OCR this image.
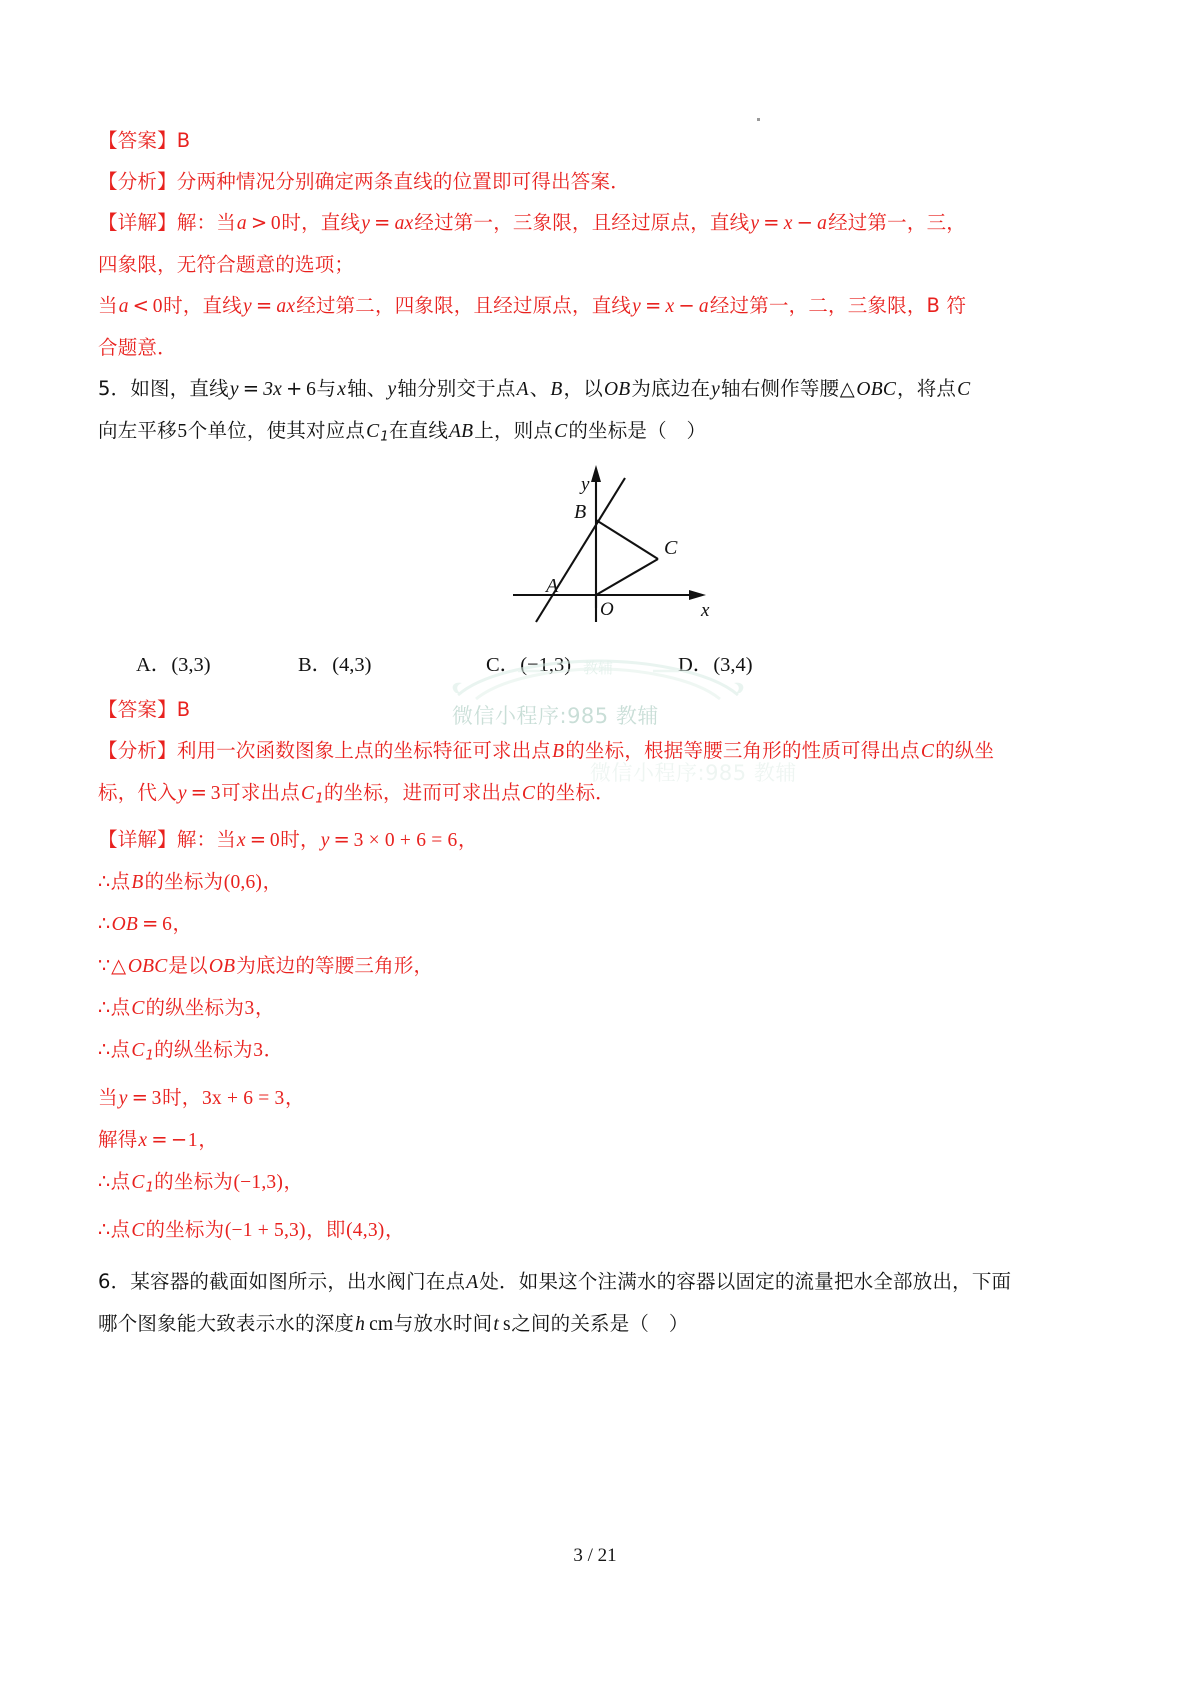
【答案】B
【分析】分两种情况分别确定两条直线的位置即可得出答案．
【详解】解：当a > 0时，直线y = ax经过第一，三象限，且经过原点，直线y = x − a经过第一，三，
四象限，无符合题意的选项；
当a < 0时，直线y = ax经过第二，四象限，且经过原点，直线y = x − a经过第一，二，三象限，B 符
合题意．
5．如图，直线y = 3x + 6与x轴、y轴分别交于点A、B，以OB为底边在y轴右侧作等腰△OBC，将点C
向左平移5个单位，使其对应点$C_1$在直线AB上，则点C的坐标是（　）
y
x
O
B
C
A
A．(3,3)	B．(4,3)	C．(−1,3)	D．(3,4)
【答案】B
【分析】利用一次函数图象上点的坐标特征可求出点B的坐标，根据等腰三角形的性质可得出点C的纵坐
标，代入y = 3可求出点$C_1$的坐标，进而可求出点C的坐标．
【详解】解：当x = 0时，y = 3 × 0 + 6 = 6，
∴点B的坐标为(0,6)，
∴OB = 6，
∵△OBC是以OB为底边的等腰三角形，
∴点C的纵坐标为3，
∴点$C_1$的纵坐标为3．
当y = 3时，3x + 6 = 3，
解得x = −1，
∴点$C_1$的坐标为(−1,3)，
∴点C的坐标为(−1 + 5,3)，即(4,3)，
6．某容器的截面如图所示，出水阀门在点A处．如果这个注满水的容器以固定的流量把水全部放出，下面
哪个图象能大致表示水的深度h cm与放水时间t s之间的关系是（　）
教辅
微信小程序:985 教辅
微信小程序:985 教辅
3 / 21
